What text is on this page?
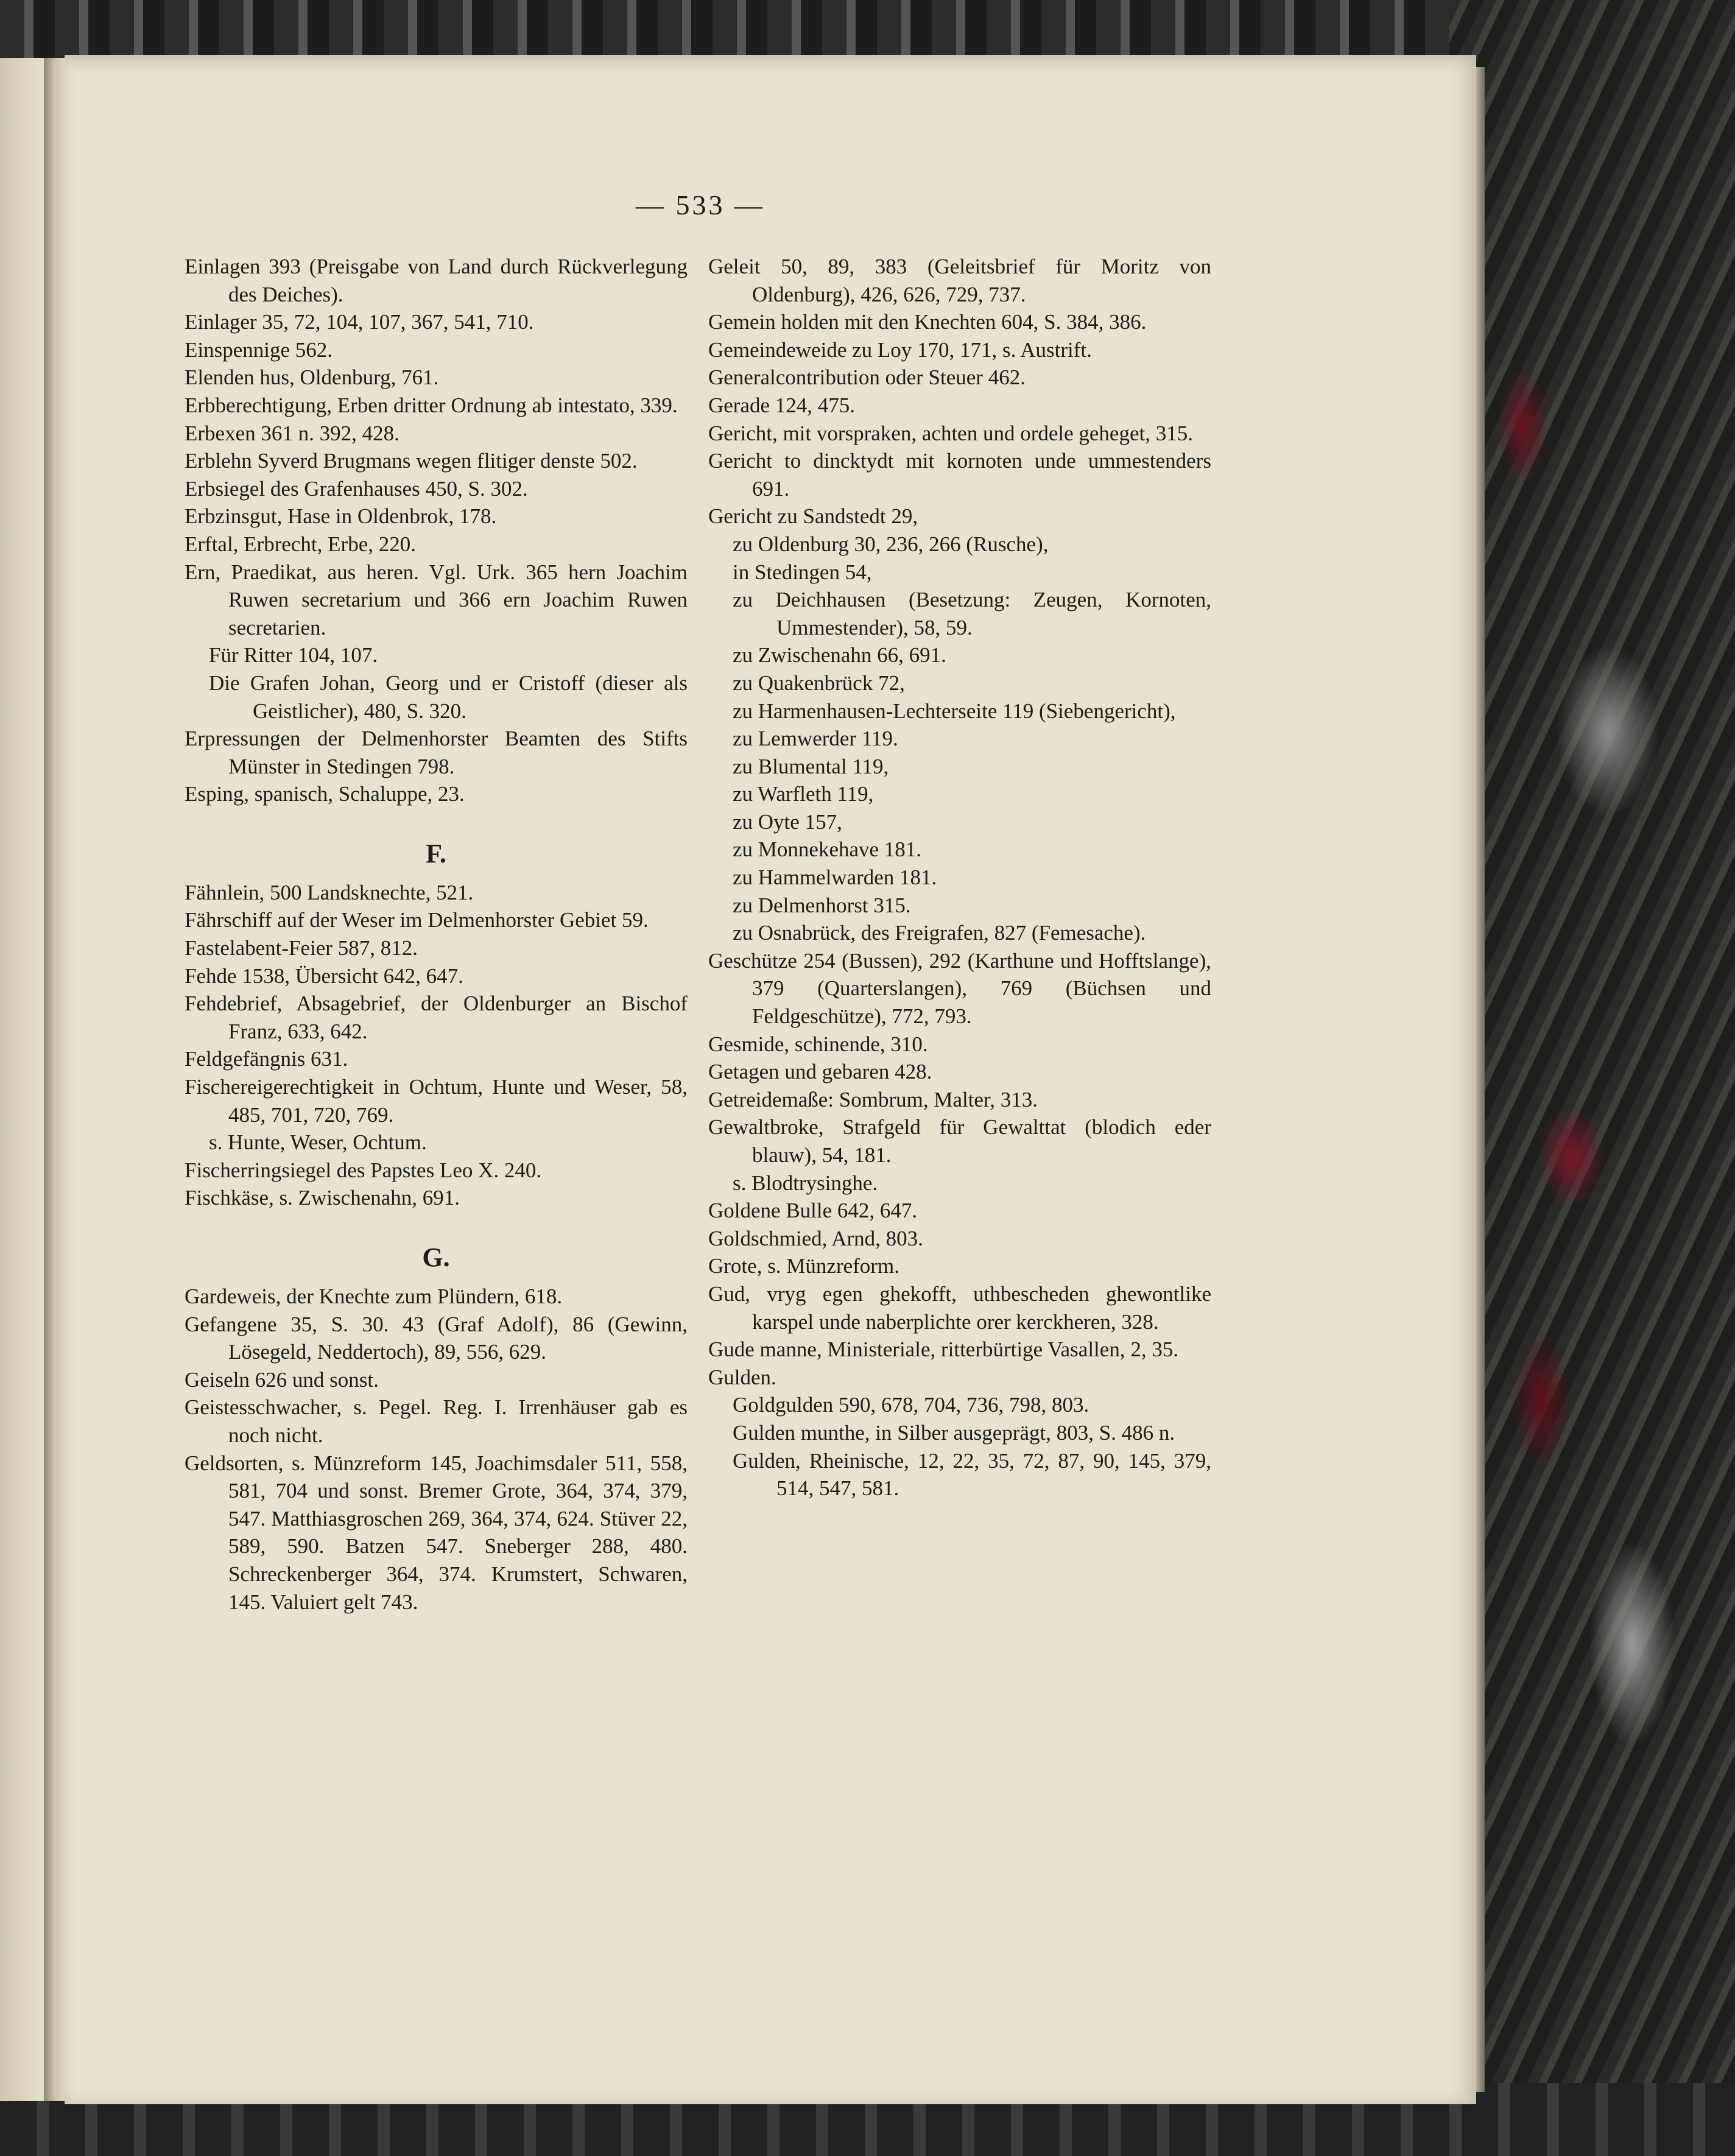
— 533 —
Einlagen 393 (Preisgabe von Land durch Rückverlegung des Deiches).
Einlager 35, 72, 104, 107, 367, 541, 710.
Einspennige 562.
Elenden hus, Oldenburg, 761.
Erbberechtigung, Erben dritter Ordnung ab intestato, 339.
Erbexen 361 n. 392, 428.
Erblehn Syverd Brugmans wegen flitiger denste 502.
Erbsiegel des Grafenhauses 450, S. 302.
Erbzinsgut, Hase in Oldenbrok, 178.
Erftal, Erbrecht, Erbe, 220.
Ern, Praedikat, aus heren. Vgl. Urk. 365 hern Joachim Ruwen secretarium und 366 ern Joachim Ruwen secretarien.
Für Ritter 104, 107.
Die Grafen Johan, Georg und er Cristoff (dieser als Geistlicher), 480, S. 320.
Erpressungen der Delmenhorster Beamten des Stifts Münster in Stedingen 798.
Esping, spanisch, Schaluppe, 23.
F.
Fähnlein, 500 Landsknechte, 521.
Fährschiff auf der Weser im Delmenhorster Gebiet 59.
Fastelabent-Feier 587, 812.
Fehde 1538, Übersicht 642, 647.
Fehdebrief, Absagebrief, der Oldenburger an Bischof Franz, 633, 642.
Feldgefängnis 631.
Fischereigerechtigkeit in Ochtum, Hunte und Weser, 58, 485, 701, 720, 769.
s. Hunte, Weser, Ochtum.
Fischerringsiegel des Papstes Leo X. 240.
Fischkäse, s. Zwischenahn, 691.
G.
Gardeweis, der Knechte zum Plündern, 618.
Gefangene 35, S. 30. 43 (Graf Adolf), 86 (Gewinn, Lösegeld, Neddertoch), 89, 556, 629.
Geiseln 626 und sonst.
Geistesschwacher, s. Pegel. Reg. I. Irrenhäuser gab es noch nicht.
Geldsorten, s. Münzreform 145, Joachimsdaler 511, 558, 581, 704 und sonst. Bremer Grote, 364, 374, 379, 547. Matthiasgroschen 269, 364, 374, 624. Stüver 22, 589, 590. Batzen 547. Sneberger 288, 480. Schreckenberger 364, 374. Krumstert, Schwaren, 145. Valuiert gelt 743.
Geleit 50, 89, 383 (Geleitsbrief für Moritz von Oldenburg), 426, 626, 729, 737.
Gemein holden mit den Knechten 604, S. 384, 386.
Gemeindeweide zu Loy 170, 171, s. Austrift.
Generalcontribution oder Steuer 462.
Gerade 124, 475.
Gericht, mit vorspraken, achten und ordele geheget, 315.
Gericht to dincktydt mit kornoten unde ummestenders 691.
Gericht zu Sandstedt 29,
zu Oldenburg 30, 236, 266 (Rusche),
in Stedingen 54,
zu Deichhausen (Besetzung: Zeugen, Kornoten, Ummestender), 58, 59.
zu Zwischenahn 66, 691.
zu Quakenbrück 72,
zu Harmenhausen-Lechterseite 119 (Siebengericht),
zu Lemwerder 119.
zu Blumental 119,
zu Warfleth 119,
zu Oyte 157,
zu Monnekehave 181.
zu Hammelwarden 181.
zu Delmenhorst 315.
zu Osnabrück, des Freigrafen, 827 (Femesache).
Geschütze 254 (Bussen), 292 (Karthune und Hofftslange), 379 (Quarterslangen), 769 (Büchsen und Feldgeschütze), 772, 793.
Gesmide, schinende, 310.
Getagen und gebaren 428.
Getreidemaße: Sombrum, Malter, 313.
Gewaltbroke, Strafgeld für Gewalttat (blodich eder blauw), 54, 181.
s. Blodtrysinghe.
Goldene Bulle 642, 647.
Goldschmied, Arnd, 803.
Grote, s. Münzreform.
Gud, vryg egen ghekofft, uthbescheden ghewontlike karspel unde naberplichte orer kerckheren, 328.
Gude manne, Ministeriale, ritterbürtige Vasallen, 2, 35.
Gulden.
Goldgulden 590, 678, 704, 736, 798, 803.
Gulden munthe, in Silber ausgeprägt, 803, S. 486 n.
Gulden, Rheinische, 12, 22, 35, 72, 87, 90, 145, 379, 514, 547, 581.
